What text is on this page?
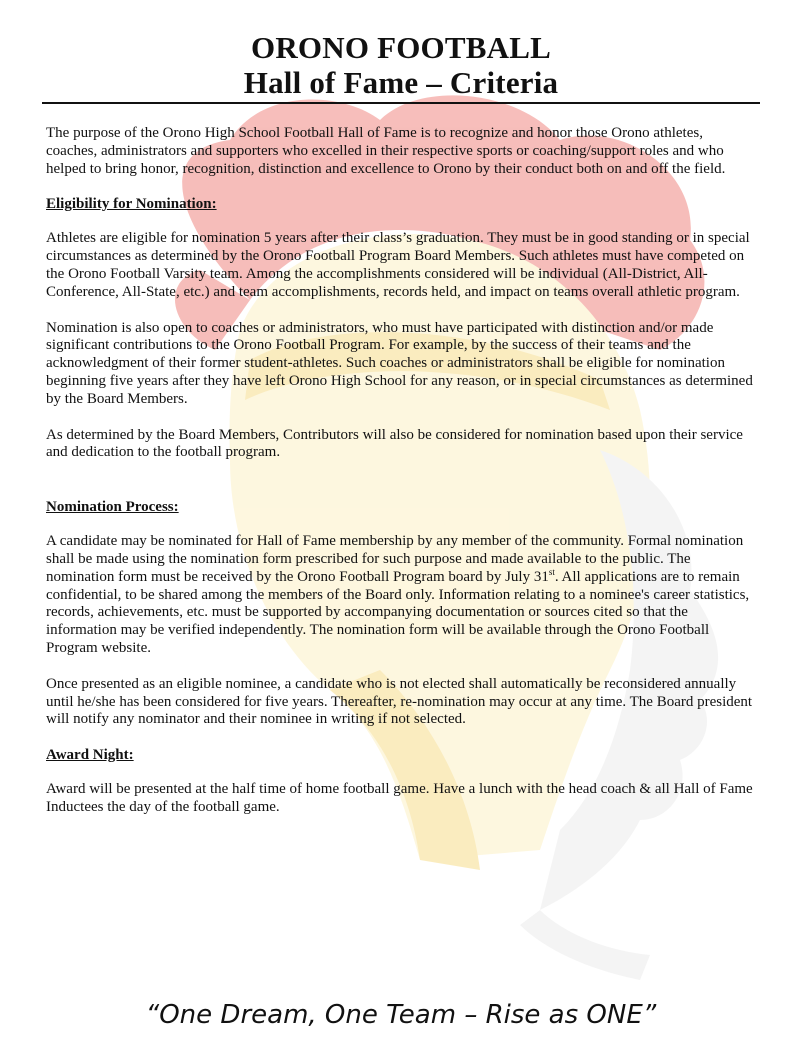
ORONO FOOTBALL
Hall of Fame – Criteria

The purpose of the Orono High School Football Hall of Fame is to recognize and honor those Orono athletes, coaches, administrators and supporters who excelled in their respective sports or coaching/support roles and who helped to bring honor, recognition, distinction and excellence to Orono by their conduct both on and off the field.

Eligibility for Nomination:

Athletes are eligible for nomination 5 years after their class’s graduation. They must be in good standing or in special circumstances as determined by the Orono Football Program Board Members. Such athletes must have competed on the Orono Football Varsity team. Among the accomplishments considered will be individual (All-District, All-Conference, All-State, etc.) and team accomplishments, records held, and impact on teams overall athletic program.

Nomination is also open to coaches or administrators, who must have participated with distinction and/or made significant contributions to the Orono Football Program. For example, by the success of their teams and the acknowledgment of their former student-athletes. Such coaches or administrators shall be eligible for nomination beginning five years after they have left Orono High School for any reason, or in special circumstances as determined by the Board Members.

As determined by the Board Members, Contributors will also be considered for nomination based upon their service and dedication to the football program.

Nomination Process:

A candidate may be nominated for Hall of Fame membership by any member of the community. Formal nomination shall be made using the nomination form prescribed for such purpose and made available to the public. The nomination form must be received by the Orono Football Program board by July 31st. All applications are to remain confidential, to be shared among the members of the Board only. Information relating to a nominee's career statistics, records, achievements, etc. must be supported by accompanying documentation or sources cited so that the information may be verified independently. The nomination form will be available through the Orono Football Program website.

Once presented as an eligible nominee, a candidate who is not elected shall automatically be reconsidered annually until he/she has been considered for five years. Thereafter, re-nomination may occur at any time. The Board president will notify any nominator and their nominee in writing if not selected.

Award Night:

Award will be presented at the half time of home football game. Have a lunch with the head coach & all Hall of Fame Inductees the day of the football game.

“One Dream, One Team – Rise as ONE”
